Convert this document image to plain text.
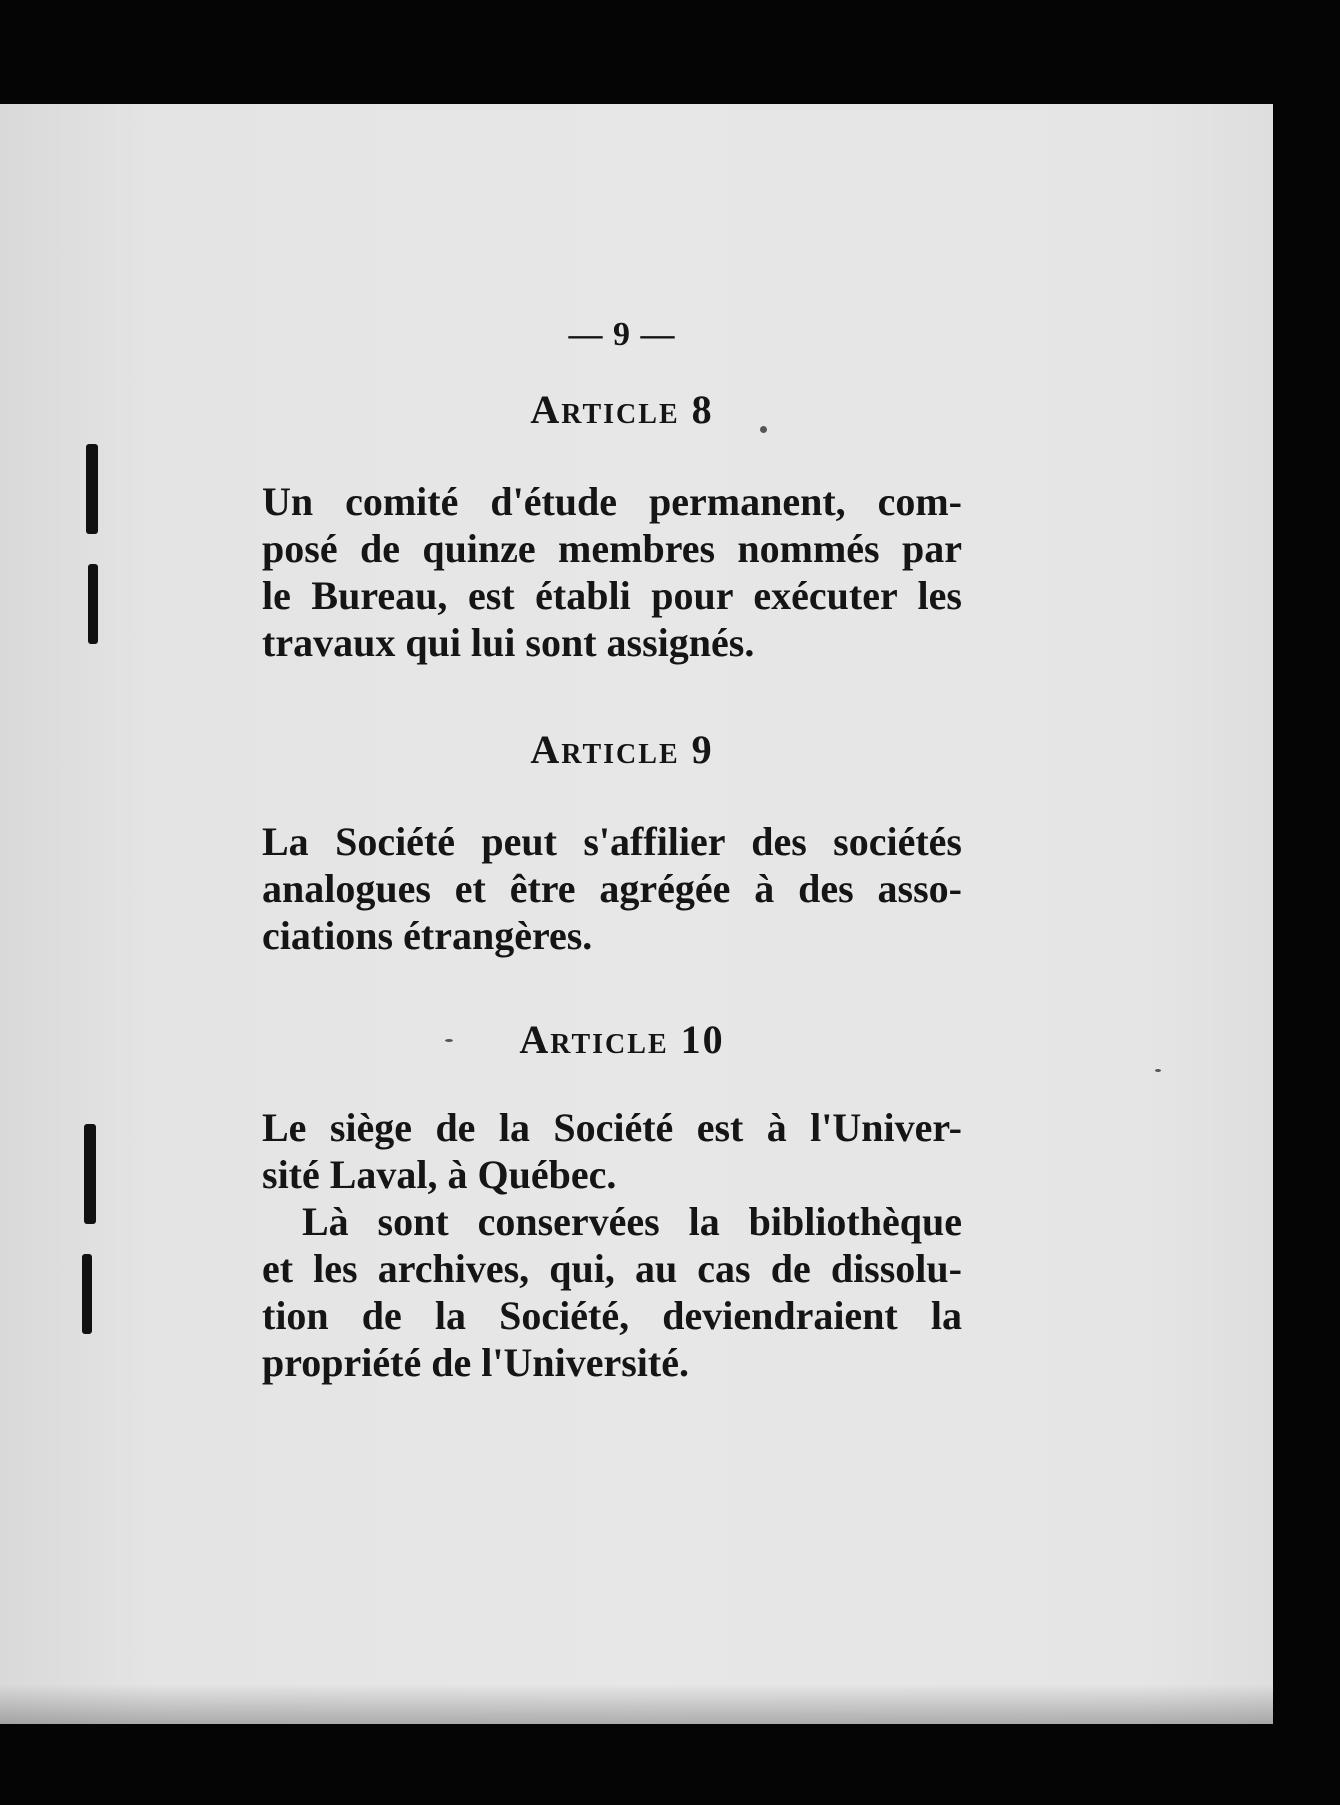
— 9 —
Article 8
Un comité d'étude permanent, com-
posé de quinze membres nommés par
le Bureau, est établi pour exécuter les
travaux qui lui sont assignés.
Article 9
La Société peut s'affilier des sociétés
analogues et être agrégée à des asso-
ciations étrangères.
Article 10
Le siège de la Société est à l'Univer-
sité Laval, à Québec.
Là sont conservées la bibliothèque
et les archives, qui, au cas de dissolu-
tion de la Société, deviendraient la
propriété de l'Université.
